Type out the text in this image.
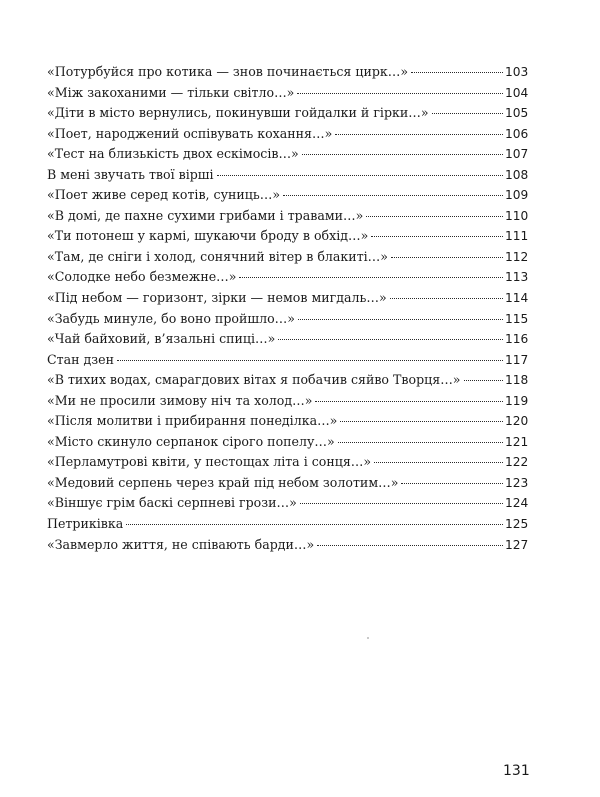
«Потурбуйся про котика — знов починається цирк…»	103
«Між закоханими — тільки світло…»	104
«Діти в місто вернулись, покинувши гойдалки й гірки…»	105
«Поет, народжений оспівувать кохання…»	106
«Тест на близькість двох ескімосів…»	107
В мені звучать твої вірші	108
«Поет живе серед котів, суниць…»	109
«В домі, де пахне сухими грибами і травами…»	110
«Ти потонеш у кармі, шукаючи броду в обхід…»	111
«Там, де сніги і холод, сонячний вітер в блакиті…»	112
«Солодке небо безмежне…»	113
«Під небом — горизонт, зірки — немов мигдаль…»	114
«Забудь минуле, бо воно пройшло…»	115
«Чай байховий, в’язальні спиці…»	116
Стан дзен	117
«В тихих водах, смарагдових вітах я побачив сяйво Творця…»	118
«Ми не просили зимову ніч та холод…»	119
«Після молитви і прибирання понеділка…»	120
«Місто скинуло серпанок сірого попелу…»	121
«Перламутрові квіти, у пестощах літа і сонця…»	122
«Медовий серпень через край під небом золотим…»	123
«Віншує грім баскі серпневі грози…»	124
Петриківка	125
«Завмерло життя, не співають барди…»	127
131
